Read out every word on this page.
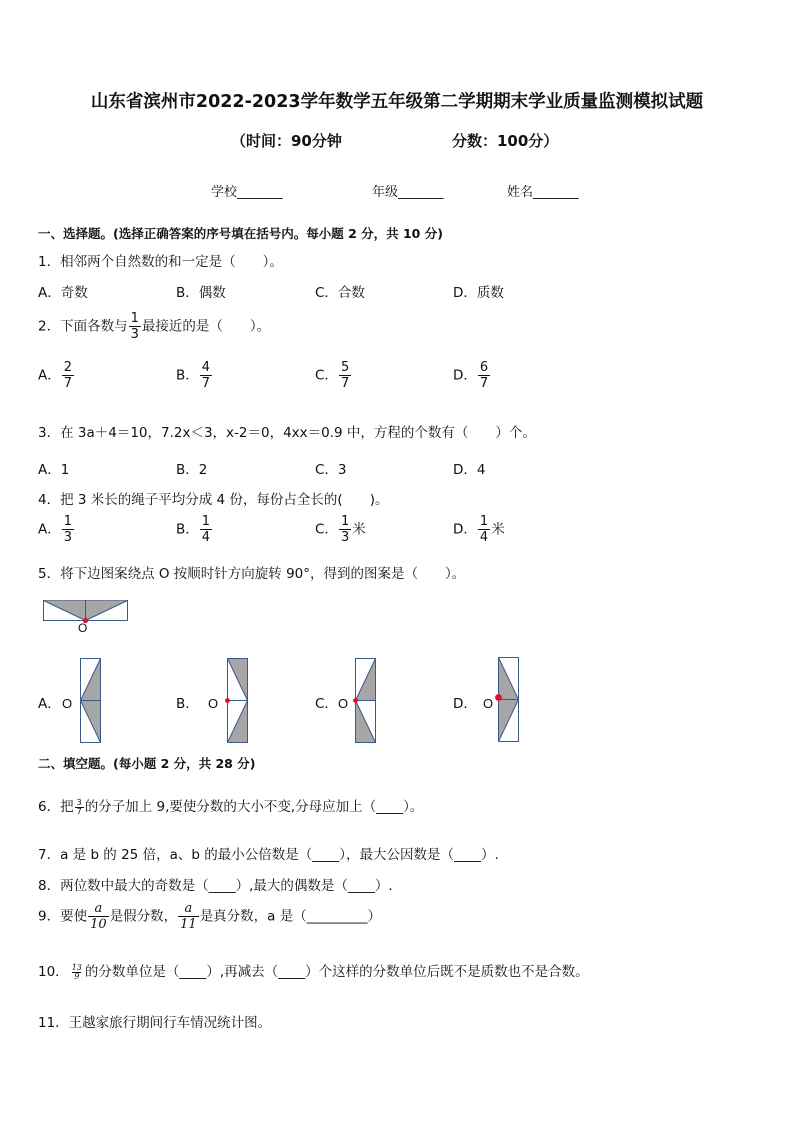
山东省滨州市2022-2023学年数学五年级第二学期期末学业质量监测模拟试题
（时间：90分钟	分数：100分）
学校_______	年级_______	姓名_______
一、选择题。(选择正确答案的序号填在括号内。每小题 2 分，共 10 分)
1．相邻两个自然数的和一定是（　　）。
A．奇数	B．偶数	C．合数	D．质数
2．下面各数与 $\frac{1}{3}$ 最接近的是（　　）。
A． $\frac{2}{7}$	B． $\frac{4}{7}$	C． $\frac{5}{7}$	D． $\frac{6}{7}$
3．在 3a＋4＝10，7.2x＜3，x-2＝0，4xx＝0.9 中，方程的个数有（　　）个。
A．1	B．2	C．3	D．4
4．把 3 米长的绳子平均分成 4 份，每份占全长的(　　)。
A． $\frac{1}{3}$	B． $\frac{1}{4}$	C． $\frac{1}{3}$ 米	D． $\frac{1}{4}$ 米
5．将下边图案绕点 O 按顺时针方向旋转 90°，得到的图案是（　　）。
O
A． O	B． O	C． O	D． O
二、填空题。(每小题 2 分，共 28 分)
6．把 $\frac{3}{7}$ 的分子加上 9,要使分数的大小不变,分母应加上（____）。
7．a 是 b 的 25 倍，a、b 的最小公倍数是（____），最大公因数是（____）.
8．两位数中最大的奇数是（____）,最大的偶数是（____）.
9．要使 $\frac{a}{10}$ 是假分数， $\frac{a}{11}$ 是真分数，a 是（_________）
10． $\frac{13}{9}$ 的分数单位是（____）,再减去（____）个这样的分数单位后既不是质数也不是合数。
11．王越家旅行期间行车情况统计图。
